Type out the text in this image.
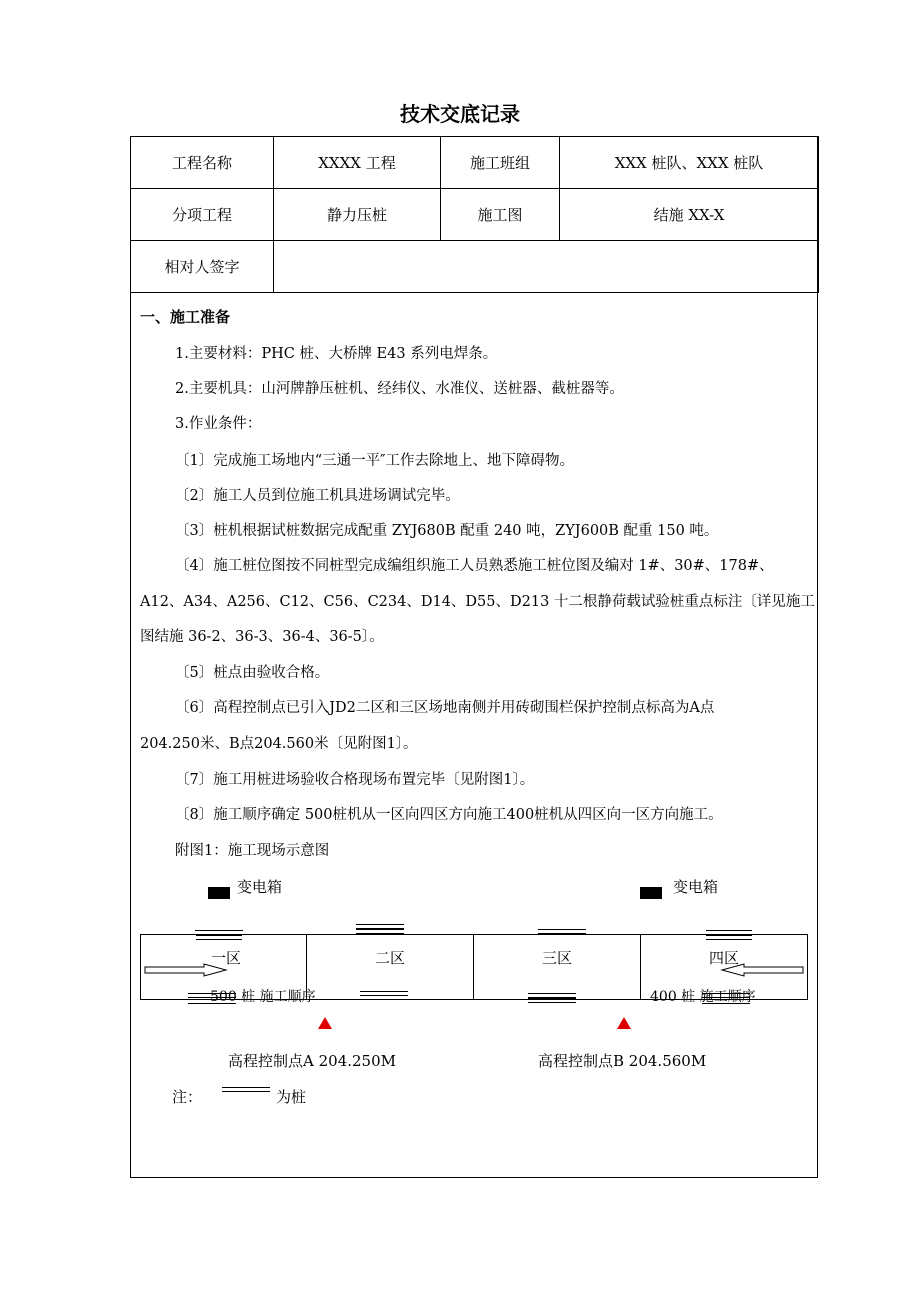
技术交底记录
工程名称	XXXX 工程	施工班组	XXX 桩队、XXX 桩队
分项工程	静力压桩	施工图	结施 XX-X
相对人签字			
一、施工准备
1.主要材料：PHC 桩、大桥牌 E43 系列电焊条。
2.主要机具：山河牌静压桩机、经纬仪、水准仪、送桩器、截桩器等。
3.作业条件：
〔1〕完成施工场地内“三通一平″工作去除地上、地下障碍物。
〔2〕施工人员到位施工机具进场调试完毕。
〔3〕桩机根据试桩数据完成配重 ZYJ680B 配重 240 吨，ZYJ600B 配重 150 吨。
〔4〕施工桩位图按不同桩型完成编组织施工人员熟悉施工桩位图及编对 1#、30#、178#、
A12、A34、A256、C12、C56、C234、D14、D55、D213 十二根静荷载试验桩重点标注〔详见施工
图结施 36-2、36-3、36-4、36-5〕。
〔5〕桩点由验收合格。
〔6〕高程控制点已引入JD2二区和三区场地南侧并用砖砌围栏保护控制点标高为A点
204.250米、B点204.560米〔见附图1〕。
〔7〕施工用桩进场验收合格现场布置完毕〔见附图1〕。
〔8〕施工顺序确定 500桩机从一区向四区方向施工400桩机从四区向一区方向施工。
附图1：施工现场示意图
变电箱	变电箱
一区	二区	三区	四区
500 桩 施工顺序	400 桩 施工顺序
高程控制点A 204.250M	高程控制点B 204.560M
注：	为桩
